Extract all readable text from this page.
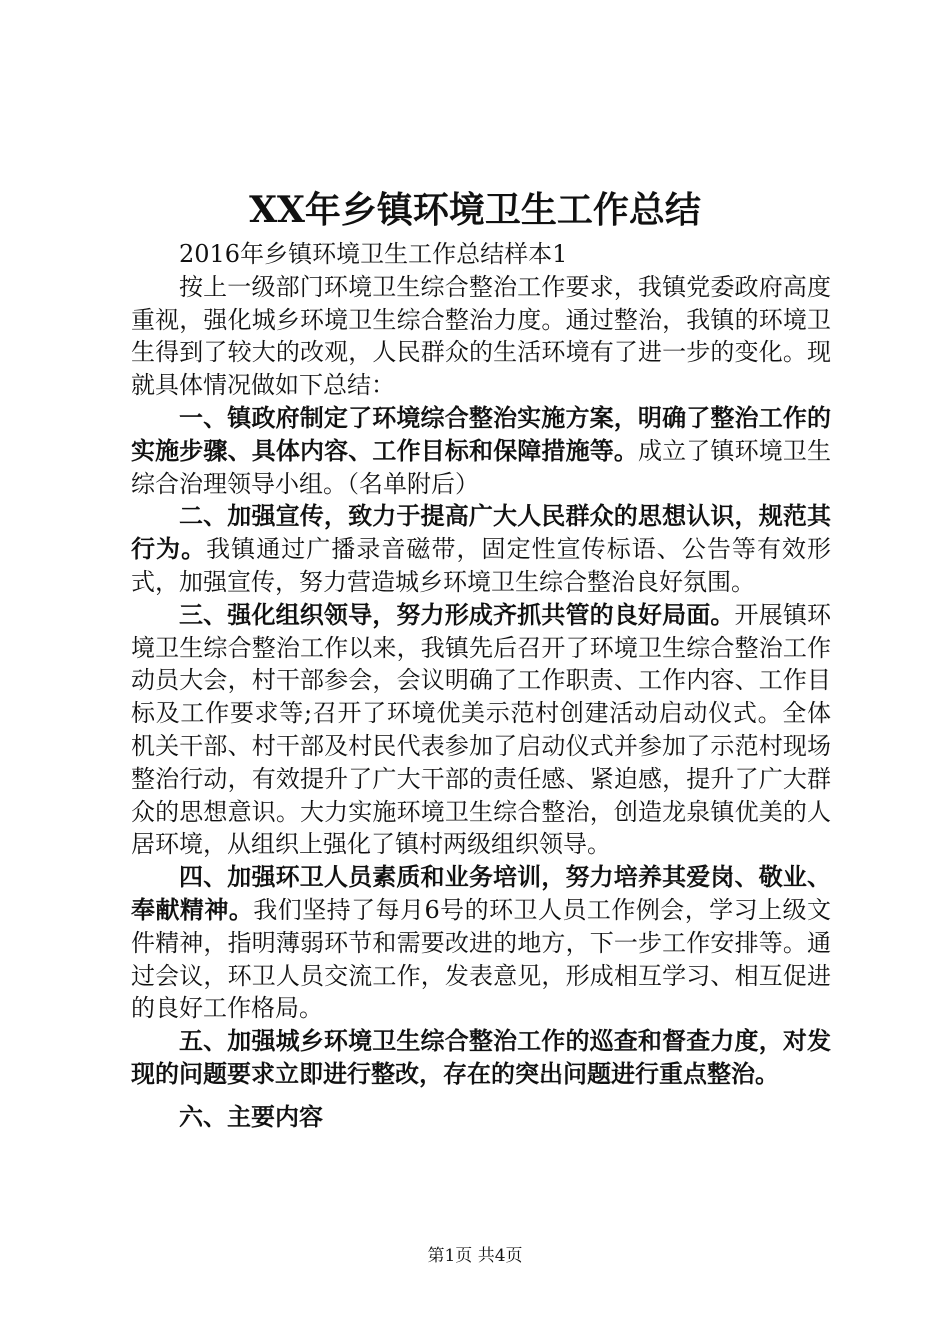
XX年乡镇环境卫生工作总结

2016年乡镇环境卫生工作总结样本1

按上一级部门环境卫生综合整治工作要求，我镇党委政府高度重视，强化城乡环境卫生综合整治力度。通过整治，我镇的环境卫生得到了较大的改观，人民群众的生活环境有了进一步的变化。现就具体情况做如下总结：

一、镇政府制定了环境综合整治实施方案，明确了整治工作的实施步骤、具体内容、工作目标和保障措施等。成立了镇环境卫生综合治理领导小组。（名单附后）

二、加强宣传，致力于提高广大人民群众的思想认识，规范其行为。我镇通过广播录音磁带，固定性宣传标语、公告等有效形式，加强宣传，努力营造城乡环境卫生综合整治良好氛围。

三、强化组织领导，努力形成齐抓共管的良好局面。开展镇环境卫生综合整治工作以来，我镇先后召开了环境卫生综合整治工作动员大会，村干部参会，会议明确了工作职责、工作内容、工作目标及工作要求等;召开了环境优美示范村创建活动启动仪式。全体机关干部、村干部及村民代表参加了启动仪式并参加了示范村现场整治行动，有效提升了广大干部的责任感、紧迫感，提升了广大群众的思想意识。大力实施环境卫生综合整治，创造龙泉镇优美的人居环境，从组织上强化了镇村两级组织领导。

四、加强环卫人员素质和业务培训，努力培养其爱岗、敬业、奉献精神。我们坚持了每月6号的环卫人员工作例会，学习上级文件精神，指明薄弱环节和需要改进的地方，下一步工作安排等。通过会议，环卫人员交流工作，发表意见，形成相互学习、相互促进的良好工作格局。

五、加强城乡环境卫生综合整治工作的巡查和督查力度，对发现的问题要求立即进行整改，存在的突出问题进行重点整治。

六、主要内容

第1页 共4页
